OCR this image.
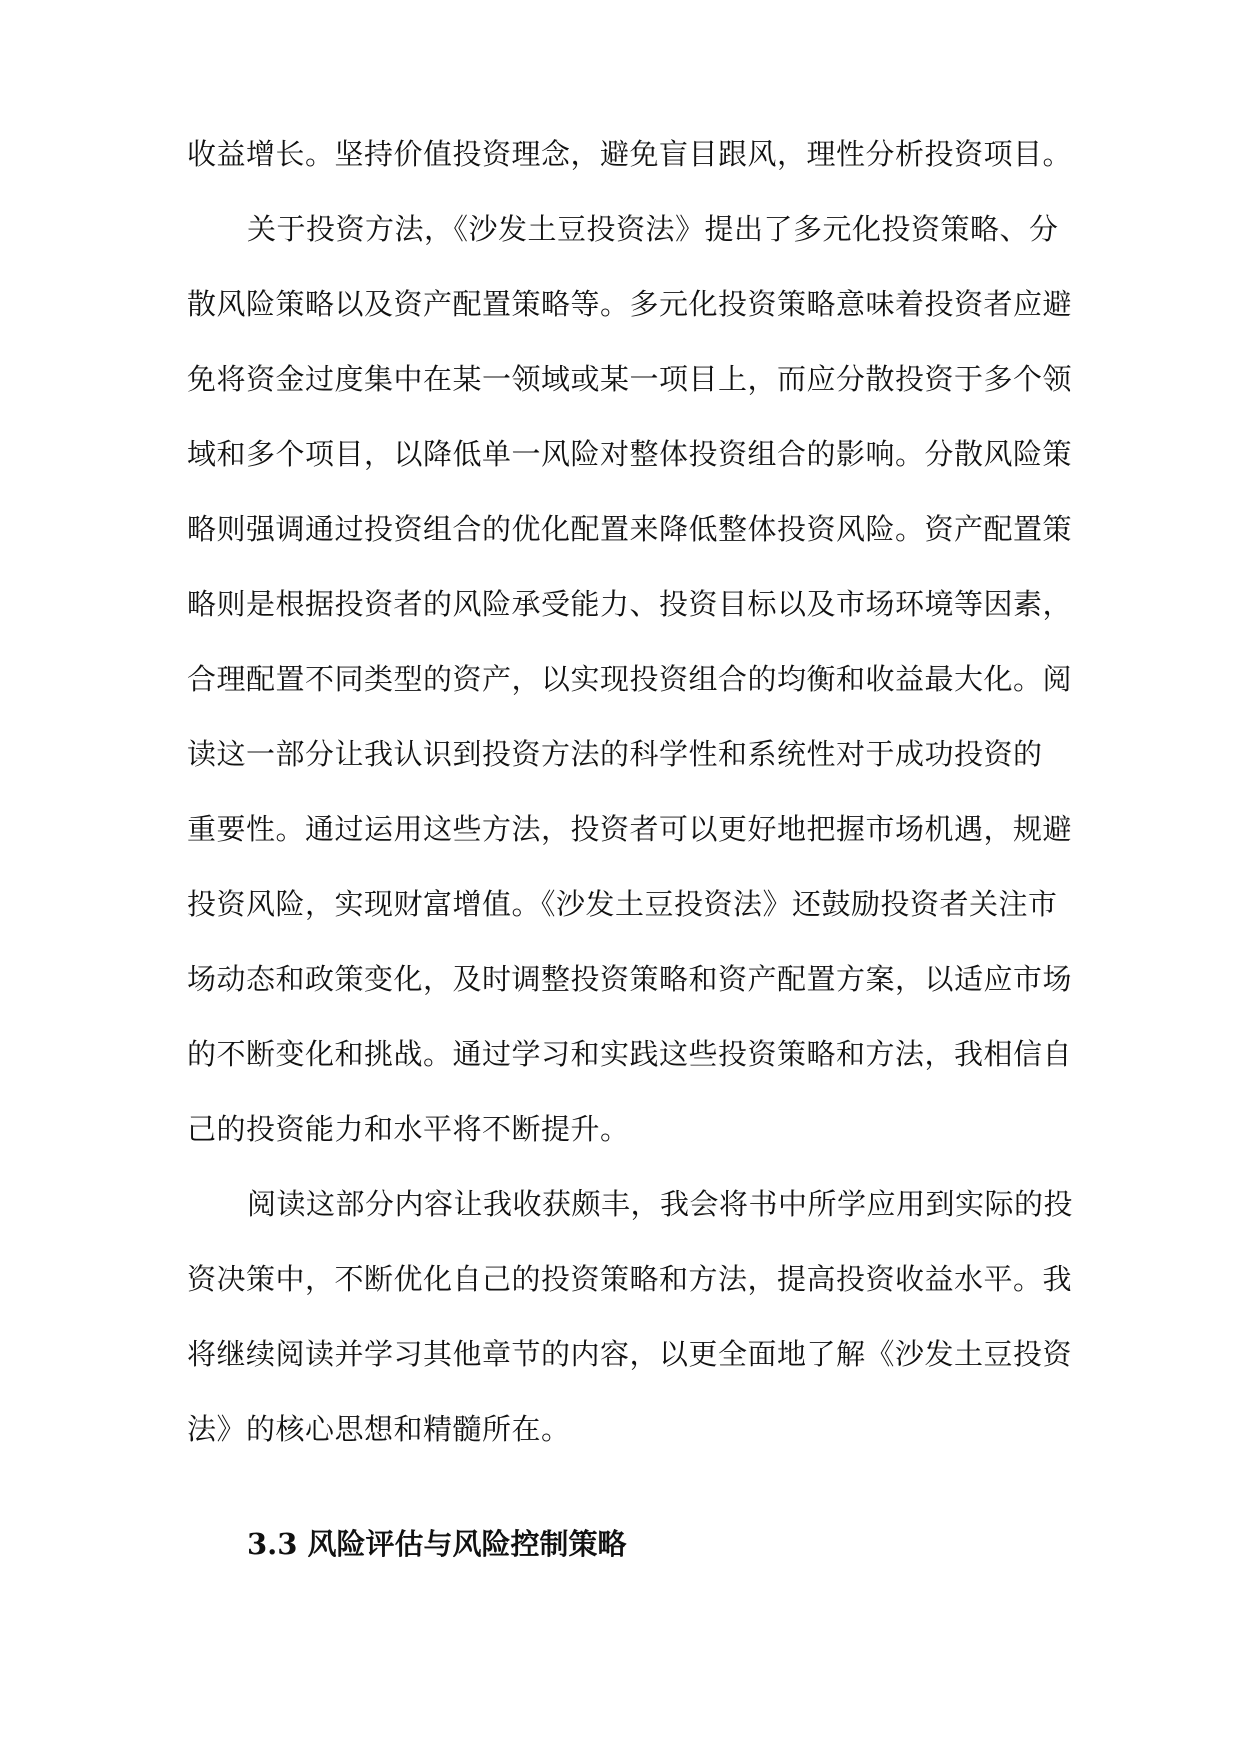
收益增长。坚持价值投资理念，避免盲目跟风，理性分析投资项目。
关于投资方法，《沙发土豆投资法》提出了多元化投资策略、分
散风险策略以及资产配置策略等。多元化投资策略意味着投资者应避
免将资金过度集中在某一领域或某一项目上，而应分散投资于多个领
域和多个项目，以降低单一风险对整体投资组合的影响。分散风险策
略则强调通过投资组合的优化配置来降低整体投资风险。资产配置策
略则是根据投资者的风险承受能力、投资目标以及市场环境等因素，
合理配置不同类型的资产，以实现投资组合的均衡和收益最大化。阅
读这一部分让我认识到投资方法的科学性和系统性对于成功投资的
重要性。通过运用这些方法，投资者可以更好地把握市场机遇，规避
投资风险，实现财富增值。《沙发土豆投资法》还鼓励投资者关注市
场动态和政策变化，及时调整投资策略和资产配置方案，以适应市场
的不断变化和挑战。通过学习和实践这些投资策略和方法，我相信自
己的投资能力和水平将不断提升。
阅读这部分内容让我收获颇丰，我会将书中所学应用到实际的投
资决策中，不断优化自己的投资策略和方法，提高投资收益水平。我
将继续阅读并学习其他章节的内容，以更全面地了解《沙发土豆投资
法》的核心思想和精髓所在。
3.3 风险评估与风险控制策略
